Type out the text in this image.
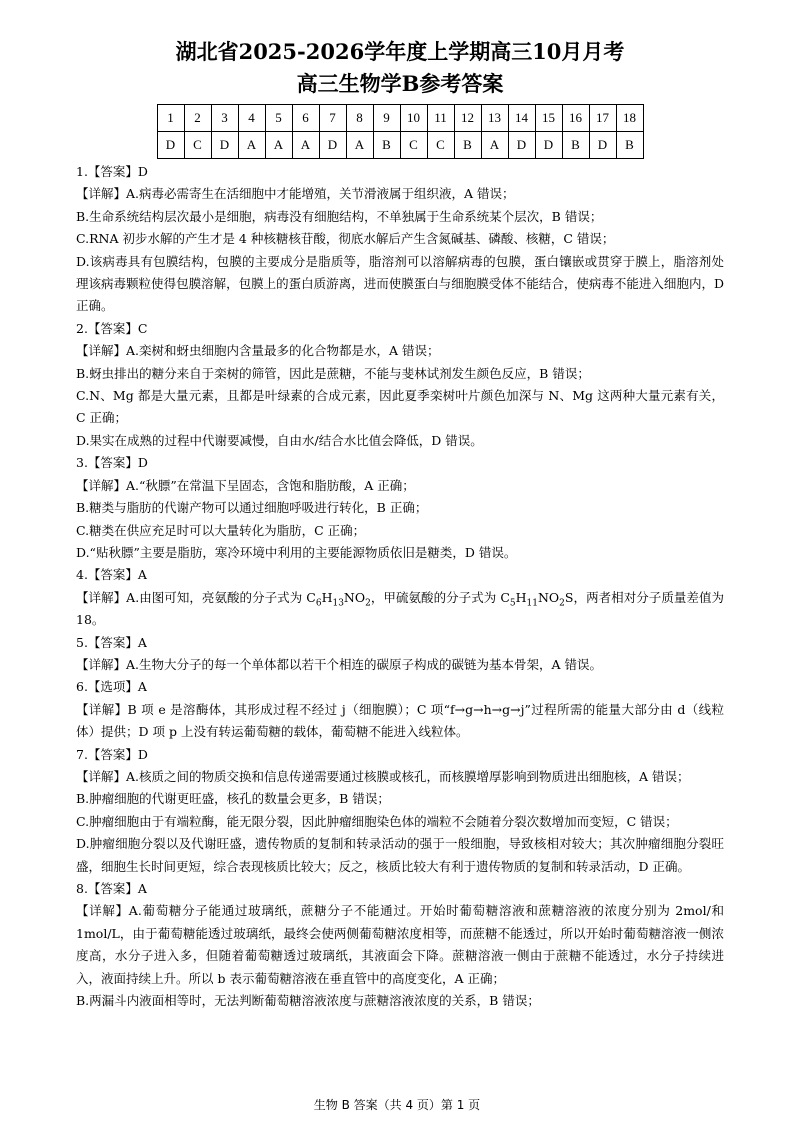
湖北省2025-2026学年度上学期高三10月月考
高三生物学B参考答案
1	2	3	4	5	6	7	8	9	10	11	12	13	14	15	16	17	18
D	C	D	A	A	A	D	A	B	C	C	B	A	D	D	B	D	B

1.【答案】D

【详解】A.病毒必需寄生在活细胞中才能增殖，关节滑液属于组织液，A 错误；

B.生命系统结构层次最小是细胞，病毒没有细胞结构，不单独属于生命系统某个层次，B 错误；

C.RNA 初步水解的产生才是 4 种核糖核苷酸，彻底水解后产生含氮碱基、磷酸、核糖，C 错误；

D.该病毒具有包膜结构，包膜的主要成分是脂质等，脂溶剂可以溶解病毒的包膜，蛋白镶嵌或贯穿于膜上，脂溶剂处理该病毒颗粒使得包膜溶解，包膜上的蛋白质游离，进而使膜蛋白与细胞膜受体不能结合，使病毒不能进入细胞内，D 正确。

2.【答案】C

【详解】A.栾树和蚜虫细胞内含量最多的化合物都是水，A 错误；

B.蚜虫排出的糖分来自于栾树的筛管，因此是蔗糖，不能与斐林试剂发生颜色反应，B 错误；

C.N、Mg 都是大量元素，且都是叶绿素的合成元素，因此夏季栾树叶片颜色加深与 N、Mg 这两种大量元素有关，C 正确；

D.果实在成熟的过程中代谢要减慢，自由水/结合水比值会降低，D 错误。

3.【答案】D

【详解】A.“秋膘”在常温下呈固态，含饱和脂肪酸，A 正确；

B.糖类与脂肪的代谢产物可以通过细胞呼吸进行转化，B 正确；

C.糖类在供应充足时可以大量转化为脂肪，C 正确；

D.“贴秋膘”主要是脂肪，寒冷环境中利用的主要能源物质依旧是糖类，D 错误。

4.【答案】A

【详解】A.由图可知，亮氨酸的分子式为 $C_6H_{13}NO_2$，甲硫氨酸的分子式为 $C_5H_{11}NO_2S$，两者相对分子质量差值为 18。

5.【答案】A

【详解】A.生物大分子的每一个单体都以若干个相连的碳原子构成的碳链为基本骨架，A 错误。

6.【选项】A

【详解】B 项 e 是溶酶体，其形成过程不经过 j（细胞膜）；C 项“f→g→h→g→j”过程所需的能量大部分由 d（线粒体）提供；D 项 p 上没有转运葡萄糖的载体，葡萄糖不能进入线粒体。

7.【答案】D

【详解】A.核质之间的物质交换和信息传递需要通过核膜或核孔，而核膜增厚影响到物质进出细胞核，A 错误；

B.肿瘤细胞的代谢更旺盛，核孔的数量会更多，B 错误；

C.肿瘤细胞由于有端粒酶，能无限分裂，因此肿瘤细胞染色体的端粒不会随着分裂次数增加而变短，C 错误；

D.肿瘤细胞分裂以及代谢旺盛，遗传物质的复制和转录活动的强于一般细胞，导致核相对较大；其次肿瘤细胞分裂旺盛，细胞生长时间更短，综合表现核质比较大；反之，核质比较大有利于遗传物质的复制和转录活动，D 正确。

8.【答案】A

【详解】A.葡萄糖分子能通过玻璃纸，蔗糖分子不能通过。开始时葡萄糖溶液和蔗糖溶液的浓度分别为 2mol/和 1mol/L，由于葡萄糖能透过玻璃纸，最终会使两侧葡萄糖浓度相等，而蔗糖不能透过，所以开始时葡萄糖溶液一侧浓度高，水分子进入多，但随着葡萄糖透过玻璃纸，其液面会下降。蔗糖溶液一侧由于蔗糖不能透过，水分子持续进入，液面持续上升。所以 b 表示葡萄糖溶液在垂直管中的高度变化，A 正确；

B.两漏斗内液面相等时，无法判断葡萄糖溶液浓度与蔗糖溶液浓度的关系，B 错误；

生物 B 答案（共 4 页）第 1 页
